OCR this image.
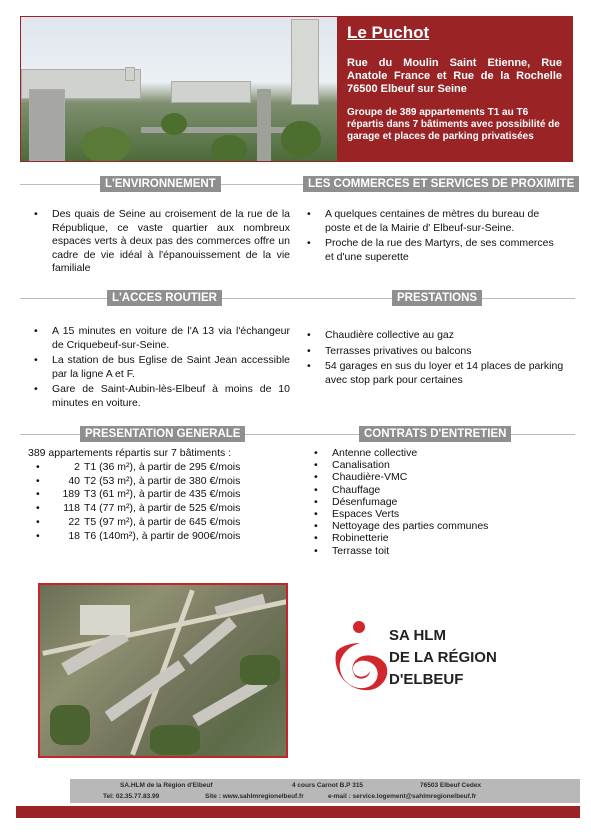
Le Puchot
Rue du Moulin Saint Etienne, Rue Anatole France et Rue de la Rochelle 76500 Elbeuf sur Seine
Groupe de 389 appartements T1 au T6 répartis dans 7 bâtiments avec possibilité de garage et places de parking privatisées
L'ENVIRONNEMENT	LES COMMERCES ET SERVICES DE PROXIMITE
• Des quais de Seine au croisement de la rue de la République, ce vaste quartier aux nombreux espaces verts à deux pas des commerces offre un cadre de vie idéal à l'épanouissement de la vie familiale
• A quelques centaines de mètres du bureau de poste et de la Mairie d' Elbeuf-sur-Seine.
• Proche de la rue des Martyrs, de ses commerces et d'une superette
L'ACCES ROUTIER	PRESTATIONS
• A 15 minutes en voiture de l'A 13 via l'échangeur de Criquebeuf-sur-Seine.
• La station de bus Eglise de Saint Jean accessible par la ligne A et F.
• Gare de Saint-Aubin-lès-Elbeuf à moins de 10 minutes en voiture.
• Chaudière collective au gaz
• Terrasses privatives ou balcons
• 54 garages en sus du loyer et 14 places de parking avec stop park pour certaines
PRESENTATION GENERALE	CONTRATS D'ENTRETIEN
389 appartements répartis sur 7 bâtiments :
•	2 T1 (36 m²), à partir de 295 €/mois
•	40 T2 (53 m²), à partir de 380 €/mois
•	189 T3 (61 m²), à partir de 435 €/mois
•	118 T4 (77 m²), à partir de 525 €/mois
•	22 T5 (97 m²), à partir de 645 €/mois
•	18 T6 (140m²), à partir de 900€/mois
• Antenne collective
• Canalisation
• Chaudière-VMC
• Chauffage
• Désenfumage
• Espaces Verts
• Nettoyage des parties communes
• Robinetterie
• Terrasse toit
SA HLM
DE LA RÉGION
D'ELBEUF
SA.HLM de la Région d'Elbeuf	4 cours Carnot B.P 315	76503 Elbeuf Cedex
Tel: 02.35.77.83.99	Site : www.sahlmregionelbeuf.fr	e-mail : service.logement@sahlmregionelbeuf.fr
